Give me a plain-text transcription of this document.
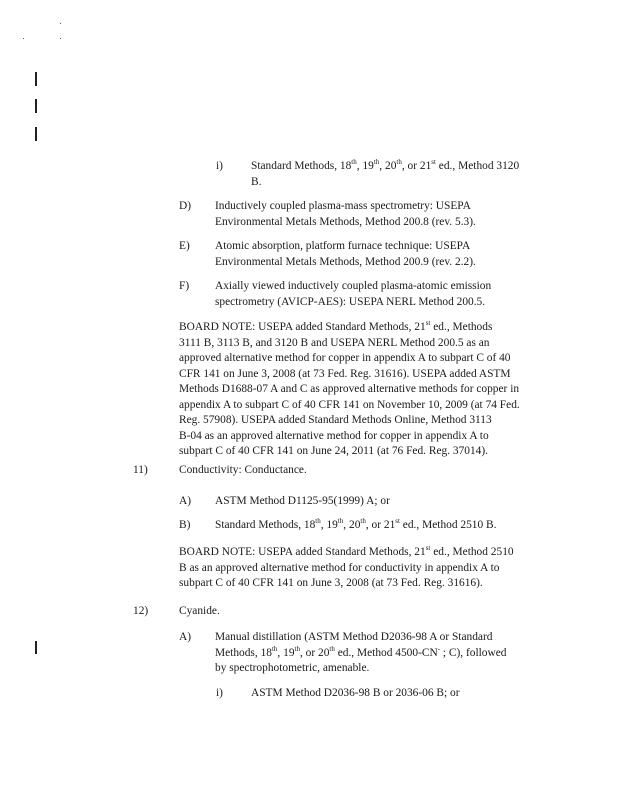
i) Standard Methods, 18th, 19th, 20th, or 21st ed., Method 3120
B.
D) Inductively coupled plasma-mass spectrometry: USEPA
Environmental Metals Methods, Method 200.8 (rev. 5.3).
E) Atomic absorption, platform furnace technique: USEPA
Environmental Metals Methods, Method 200.9 (rev. 2.2).
F) Axially viewed inductively coupled plasma-atomic emission
spectrometry (AVICP-AES): USEPA NERL Method 200.5.
BOARD NOTE: USEPA added Standard Methods, 21st ed., Methods
3111 B, 3113 B, and 3120 B and USEPA NERL Method 200.5 as an
approved alternative method for copper in appendix A to subpart C of 40
CFR 141 on June 3, 2008 (at 73 Fed. Reg. 31616). USEPA added ASTM
Methods D1688-07 A and C as approved alternative methods for copper in
appendix A to subpart C of 40 CFR 141 on November 10, 2009 (at 74 Fed.
Reg. 57908). USEPA added Standard Methods Online, Method 3113
B-04 as an approved alternative method for copper in appendix A to
subpart C of 40 CFR 141 on June 24, 2011 (at 76 Fed. Reg. 37014).
11)	Conductivity: Conductance.
A) ASTM Method D1125-95(1999) A; or
B) Standard Methods, 18th, 19th, 20th, or 21st ed., Method 2510 B.
BOARD NOTE: USEPA added Standard Methods, 21st ed., Method 2510
B as an approved alternative method for conductivity in appendix A to
subpart C of 40 CFR 141 on June 3, 2008 (at 73 Fed. Reg. 31616).
12)	Cyanide.
A) Manual distillation (ASTM Method D2036-98 A or Standard
Methods, 18th, 19th, or 20th ed., Method 4500-CN- ; C), followed
by spectrophotometric, amenable.
i) ASTM Method D2036-98 B or 2036-06 B; or
